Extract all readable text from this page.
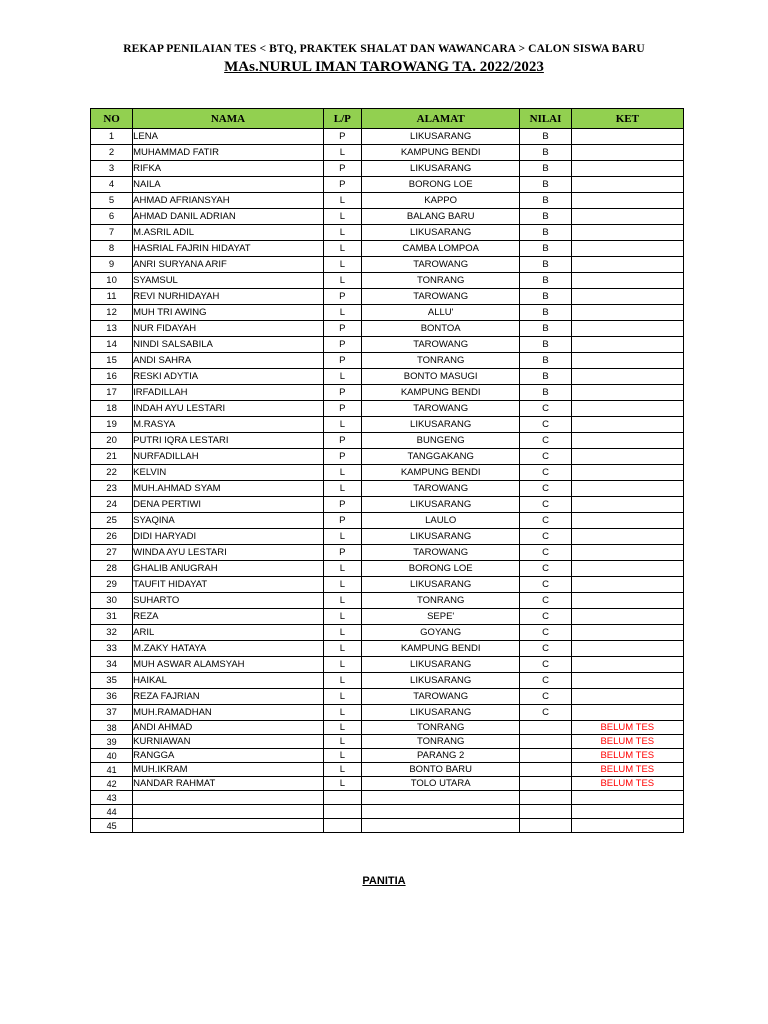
REKAP PENILAIAN TES < BTQ, PRAKTEK SHALAT DAN WAWANCARA > CALON SISWA BARU
MAs.NURUL IMAN TAROWANG TA. 2022/2023
NO	NAMA	L/P	ALAMAT	NILAI	KET
1	LENA	P	LIKUSARANG	B	
2	MUHAMMAD FATIR	L	KAMPUNG BENDI	B	
3	RIFKA	P	LIKUSARANG	B	
4	NAILA	P	BORONG LOE	B	
5	AHMAD AFRIANSYAH	L	KAPPO	B	
6	AHMAD DANIL ADRIAN	L	BALANG BARU	B	
7	M.ASRIL ADIL	L	LIKUSARANG	B	
8	HASRIAL FAJRIN HIDAYAT	L	CAMBA LOMPOA	B	
9	ANRI SURYANA ARIF	L	TAROWANG	B	
10	SYAMSUL	L	TONRANG	B	
11	REVI NURHIDAYAH	P	TAROWANG	B	
12	MUH TRI AWING	L	ALLU'	B	
13	NUR FIDAYAH	P	BONTOA	B	
14	NINDI SALSABILA	P	TAROWANG	B	
15	ANDI SAHRA	P	TONRANG	B	
16	RESKI ADYTIA	L	BONTO MASUGI	B	
17	IRFADILLAH	P	KAMPUNG BENDI	B	
18	INDAH AYU LESTARI	P	TAROWANG	C	
19	M.RASYA	L	LIKUSARANG	C	
20	PUTRI IQRA LESTARI	P	BUNGENG	C	
21	NURFADILLAH	P	TANGGAKANG	C	
22	KELVIN	L	KAMPUNG BENDI	C	
23	MUH.AHMAD SYAM	L	TAROWANG	C	
24	DENA PERTIWI	P	LIKUSARANG	C	
25	SYAQINA	P	LAULO	C	
26	DIDI HARYADI	L	LIKUSARANG	C	
27	WINDA AYU LESTARI	P	TAROWANG	C	
28	GHALIB ANUGRAH	L	BORONG LOE	C	
29	TAUFIT HIDAYAT	L	LIKUSARANG	C	
30	SUHARTO	L	TONRANG	C	
31	REZA	L	SEPE'	C	
32	ARIL	L	GOYANG	C	
33	M.ZAKY HATAYA	L	KAMPUNG BENDI	C	
34	MUH ASWAR ALAMSYAH	L	LIKUSARANG	C	
35	HAIKAL	L	LIKUSARANG	C	
36	REZA FAJRIAN	L	TAROWANG	C	
37	MUH.RAMADHAN	L	LIKUSARANG	C	
38	ANDI AHMAD	L	TONRANG		BELUM TES
39	KURNIAWAN	L	TONRANG		BELUM TES
40	RANGGA	L	PARANG 2		BELUM TES
41	MUH.IKRAM	L	BONTO BARU		BELUM TES
42	NANDAR RAHMAT	L	TOLO UTARA		BELUM TES
43					
44					
45					
PANITIA
